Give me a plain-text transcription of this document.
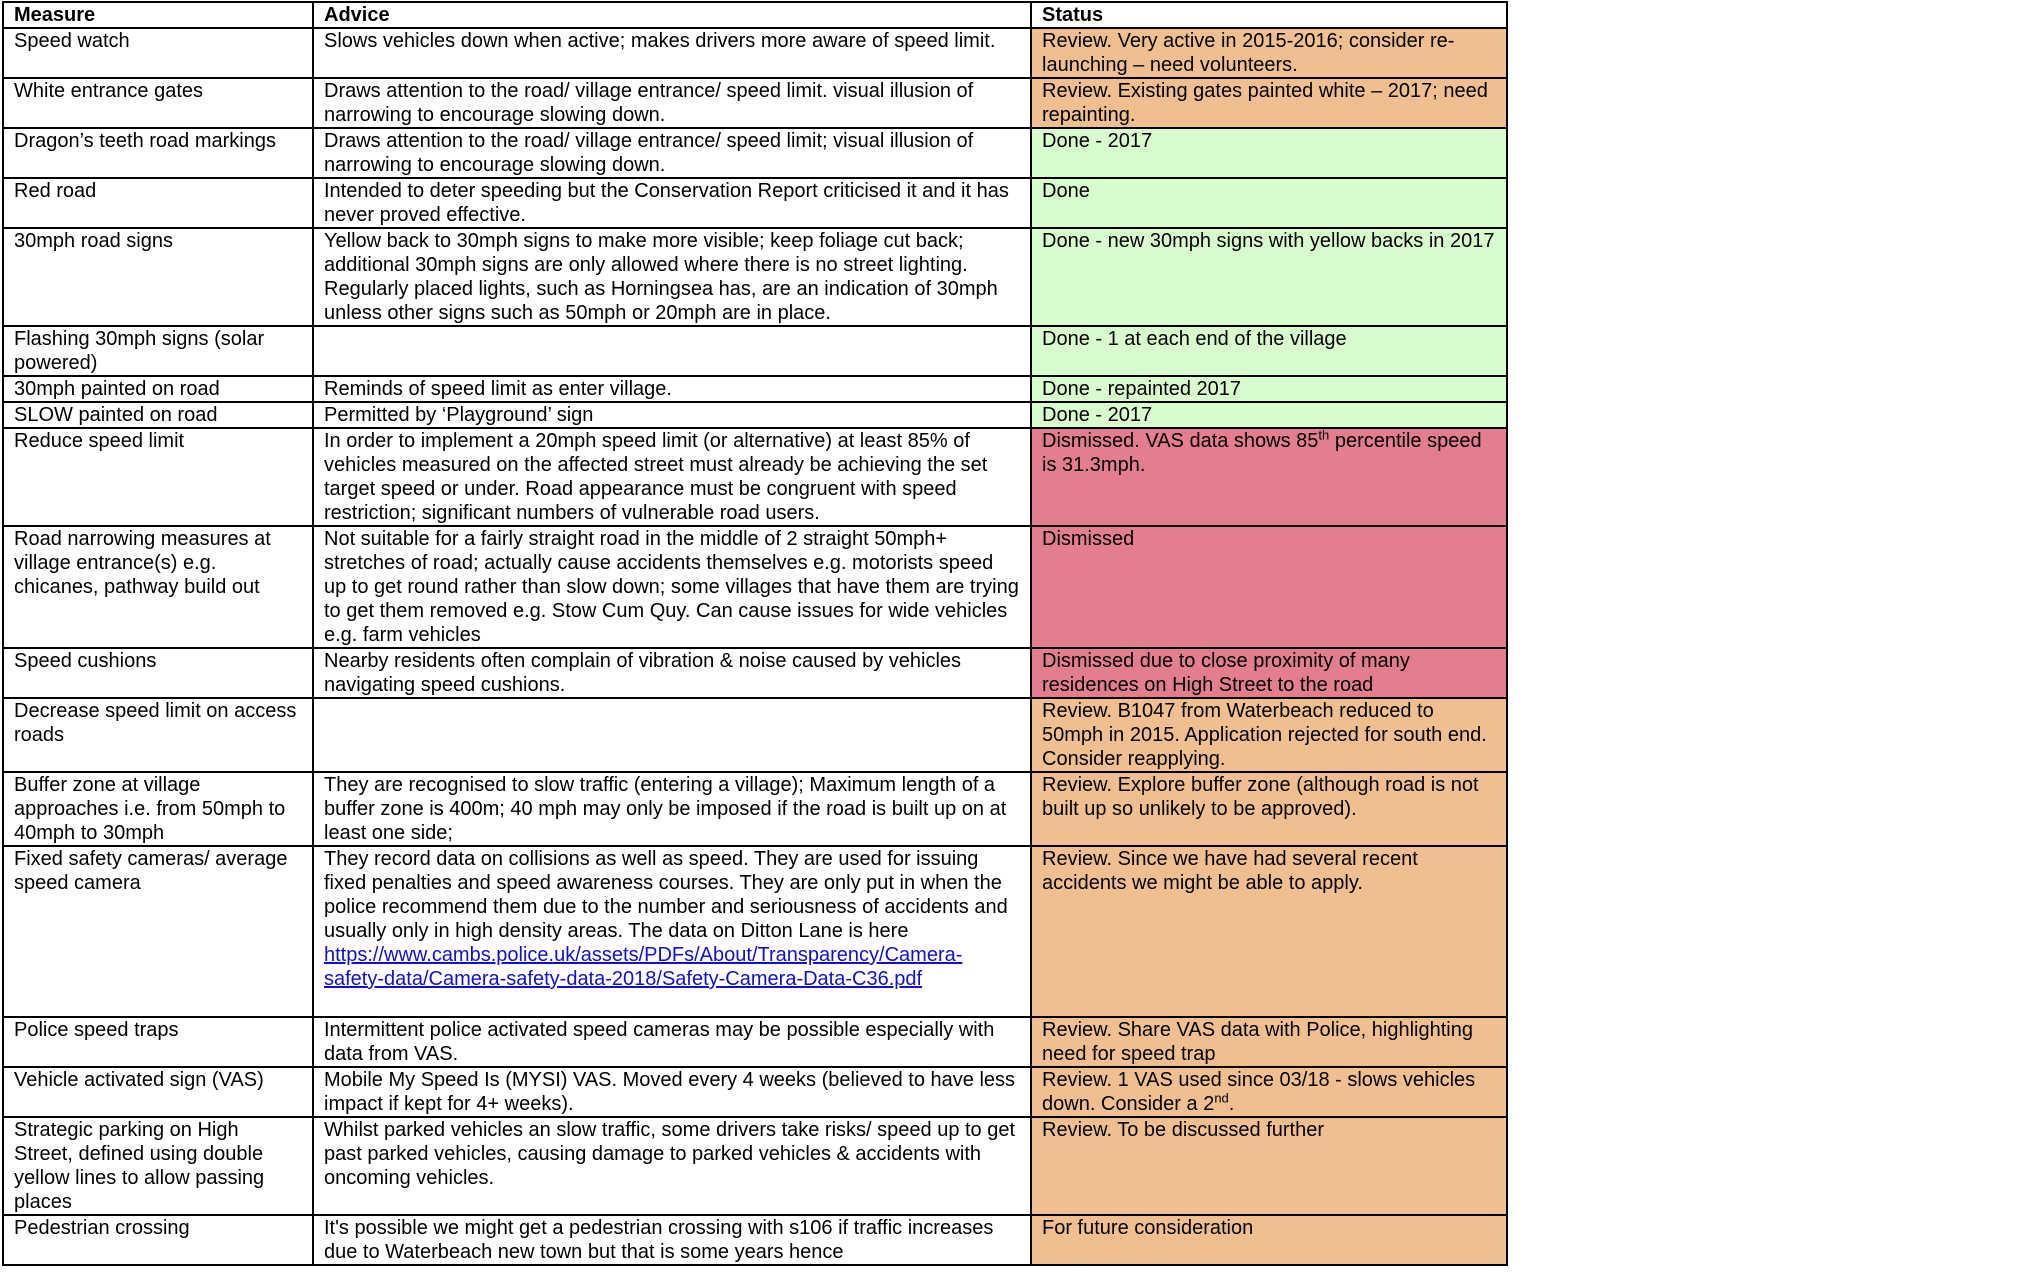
Measure	Advice	Status
Speed watch	Slows vehicles down when active; makes drivers more aware of speed limit.	Review. Very active in 2015-2016; consider re-launching – need volunteers.
White entrance gates	Draws attention to the road/ village entrance/ speed limit. visual illusion of narrowing to encourage slowing down.	Review. Existing gates painted white – 2017; need repainting.
Dragon’s teeth road markings	Draws attention to the road/ village entrance/ speed limit; visual illusion of narrowing to encourage slowing down.	Done - 2017
Red road	Intended to deter speeding but the Conservation Report criticised it and it has never proved effective.	Done
30mph road signs	Yellow back to 30mph signs to make more visible; keep foliage cut back; additional 30mph signs are only allowed where there is no street lighting. Regularly placed lights, such as Horningsea has, are an indication of 30mph unless other signs such as 50mph or 20mph are in place.	Done - new 30mph signs with yellow backs in 2017
Flashing 30mph signs (solar powered)		Done - 1 at each end of the village
30mph painted on road	Reminds of speed limit as enter village.	Done - repainted 2017
SLOW painted on road	Permitted by ‘Playground’ sign	Done - 2017
Reduce speed limit	In order to implement a 20mph speed limit (or alternative) at least 85% of vehicles measured on the affected street must already be achieving the set target speed or under. Road appearance must be congruent with speed restriction; significant numbers of vulnerable road users.	Dismissed. VAS data shows 85th percentile speed is 31.3mph.
Road narrowing measures at village entrance(s) e.g. chicanes, pathway build out	Not suitable for a fairly straight road in the middle of 2 straight 50mph+ stretches of road; actually cause accidents themselves e.g. motorists speed up to get round rather than slow down; some villages that have them are trying to get them removed e.g. Stow Cum Quy. Can cause issues for wide vehicles e.g. farm vehicles	Dismissed
Speed cushions	Nearby residents often complain of vibration & noise caused by vehicles navigating speed cushions.	Dismissed due to close proximity of many residences on High Street to the road
Decrease speed limit on access roads		Review. B1047 from Waterbeach reduced to 50mph in 2015. Application rejected for south end. Consider reapplying.
Buffer zone at village approaches i.e. from 50mph to 40mph to 30mph	They are recognised to slow traffic (entering a village); Maximum length of a buffer zone is 400m; 40 mph may only be imposed if the road is built up on at least one side;	Review. Explore buffer zone (although road is not built up so unlikely to be approved).
Fixed safety cameras/ average speed camera	They record data on collisions as well as speed. They are used for issuing fixed penalties and speed awareness courses. They are only put in when the police recommend them due to the number and seriousness of accidents and usually only in high density areas. The data on Ditton Lane is here https://www.cambs.police.uk/assets/PDFs/About/Transparency/Camera-safety-data/Camera-safety-data-2018/Safety-Camera-Data-C36.pdf	Review. Since we have had several recent accidents we might be able to apply.
Police speed traps	Intermittent police activated speed cameras may be possible especially with data from VAS.	Review. Share VAS data with Police, highlighting need for speed trap
Vehicle activated sign (VAS)	Mobile My Speed Is (MYSI) VAS. Moved every 4 weeks (believed to have less impact if kept for 4+ weeks).	Review. 1 VAS used since 03/18 - slows vehicles down. Consider a 2nd.
Strategic parking on High Street, defined using double yellow lines to allow passing places	Whilst parked vehicles an slow traffic, some drivers take risks/ speed up to get past parked vehicles, causing damage to parked vehicles & accidents with oncoming vehicles.	Review. To be discussed further
Pedestrian crossing	It's possible we might get a pedestrian crossing with s106 if traffic increases due to Waterbeach new town but that is some years hence	For future consideration
